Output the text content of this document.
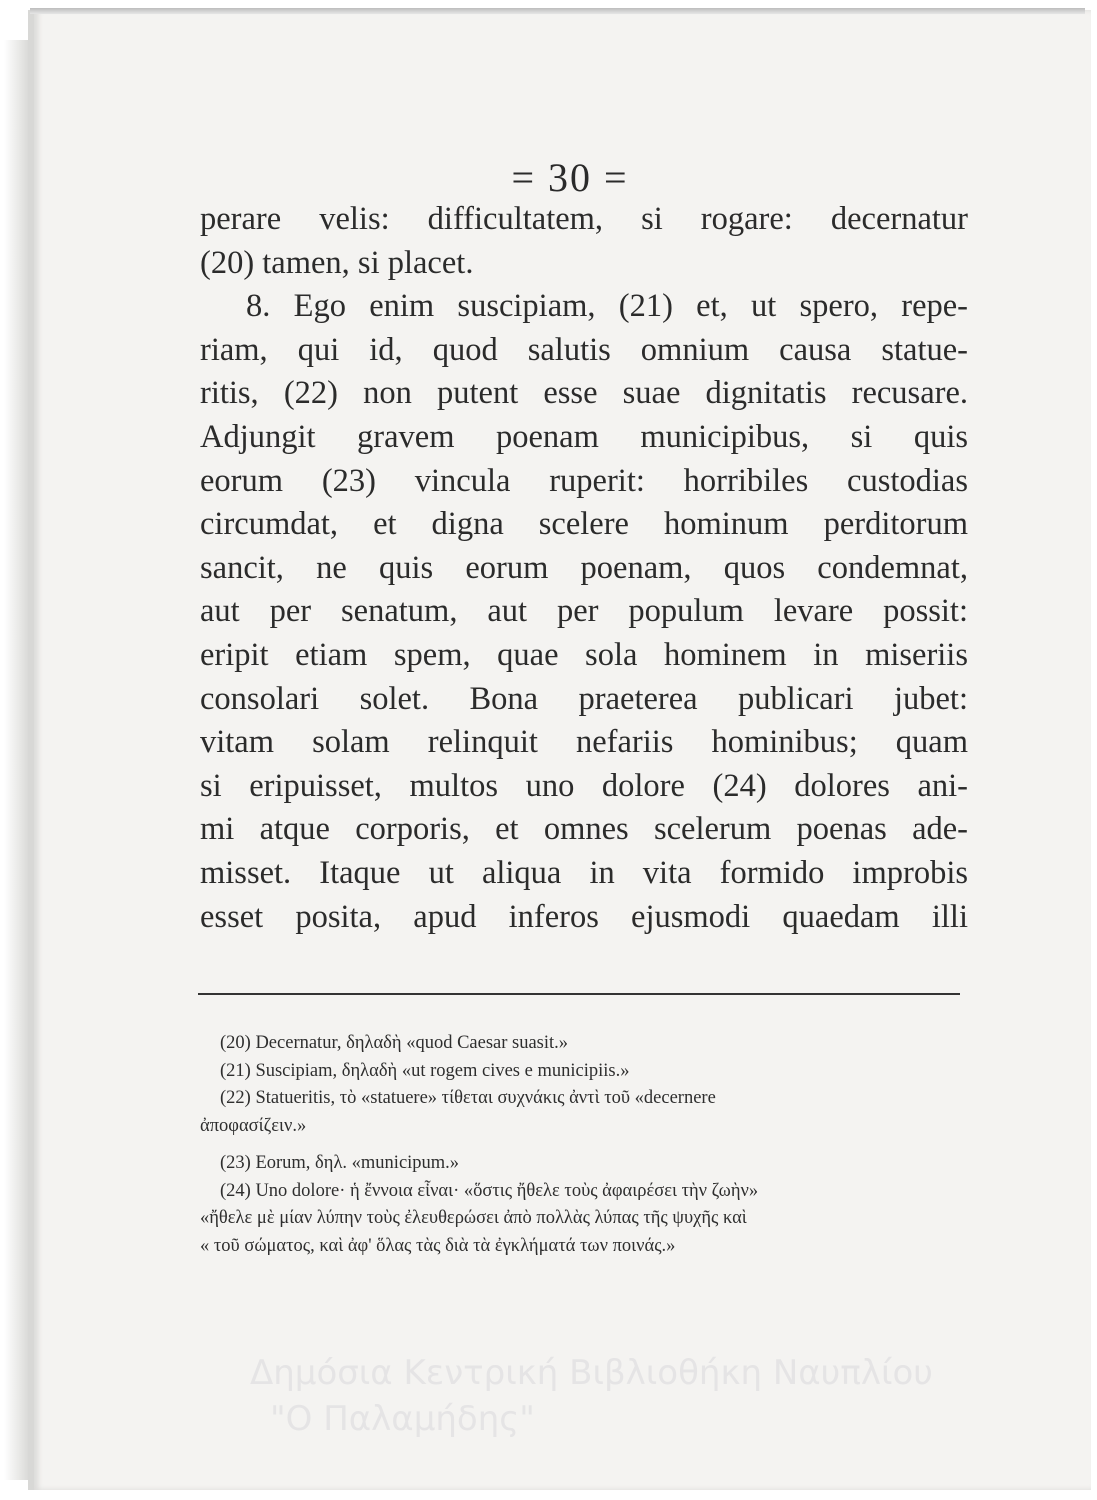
= 30 =
perare velis: difficultatem, si rogare: decernatur
(20) tamen, si placet.
8. Ego enim suscipiam, (21) et, ut spero, repe-
riam, qui id, quod salutis omnium causa statue-
ritis, (22) non putent esse suae dignitatis recusare.
Adjungit gravem poenam municipibus, si quis
eorum (23) vincula ruperit: horribiles custodias
circumdat, et digna scelere hominum perditorum
sancit, ne quis eorum poenam, quos condemnat,
aut per senatum, aut per populum levare possit:
eripit etiam spem, quae sola hominem in miseriis
consolari solet. Bona praeterea publicari jubet:
vitam solam relinquit nefariis hominibus; quam
si eripuisset, multos uno dolore (24) dolores ani-
mi atque corporis, et omnes scelerum poenas ade-
misset. Itaque ut aliqua in vita formido improbis
esset posita, apud inferos ejusmodi quaedam illi
(20) Decernatur, δηλαδὴ «quod Caesar suasit.»
(21) Suscipiam, δηλαδὴ «ut rogem cives e municipiis.»
(22) Statueritis, τὸ «statuere» τίθεται συχνάκις ἀντὶ τοῦ «decernere
ἀποφασίζειν.»
(23) Eorum, δηλ. «municipum.»
(24) Uno dolore· ἡ ἔννοια εἶναι· «ὅστις ἤθελε τοὺς ἀφαιρέσει τὴν ζωὴν»
«ἤθελε μὲ μίαν λύπην τοὺς ἐλευθερώσει ἀπὸ πολλὰς λύπας τῆς ψυχῆς καὶ
« τοῦ σώματος, καὶ ἀφ' ὅλας τὰς διὰ τὰ ἐγκλήματά των ποινάς.»
Δημόσια Κεντρική Βιβλιοθήκη Ναυπλίου
"Ο Παλαμήδης"
